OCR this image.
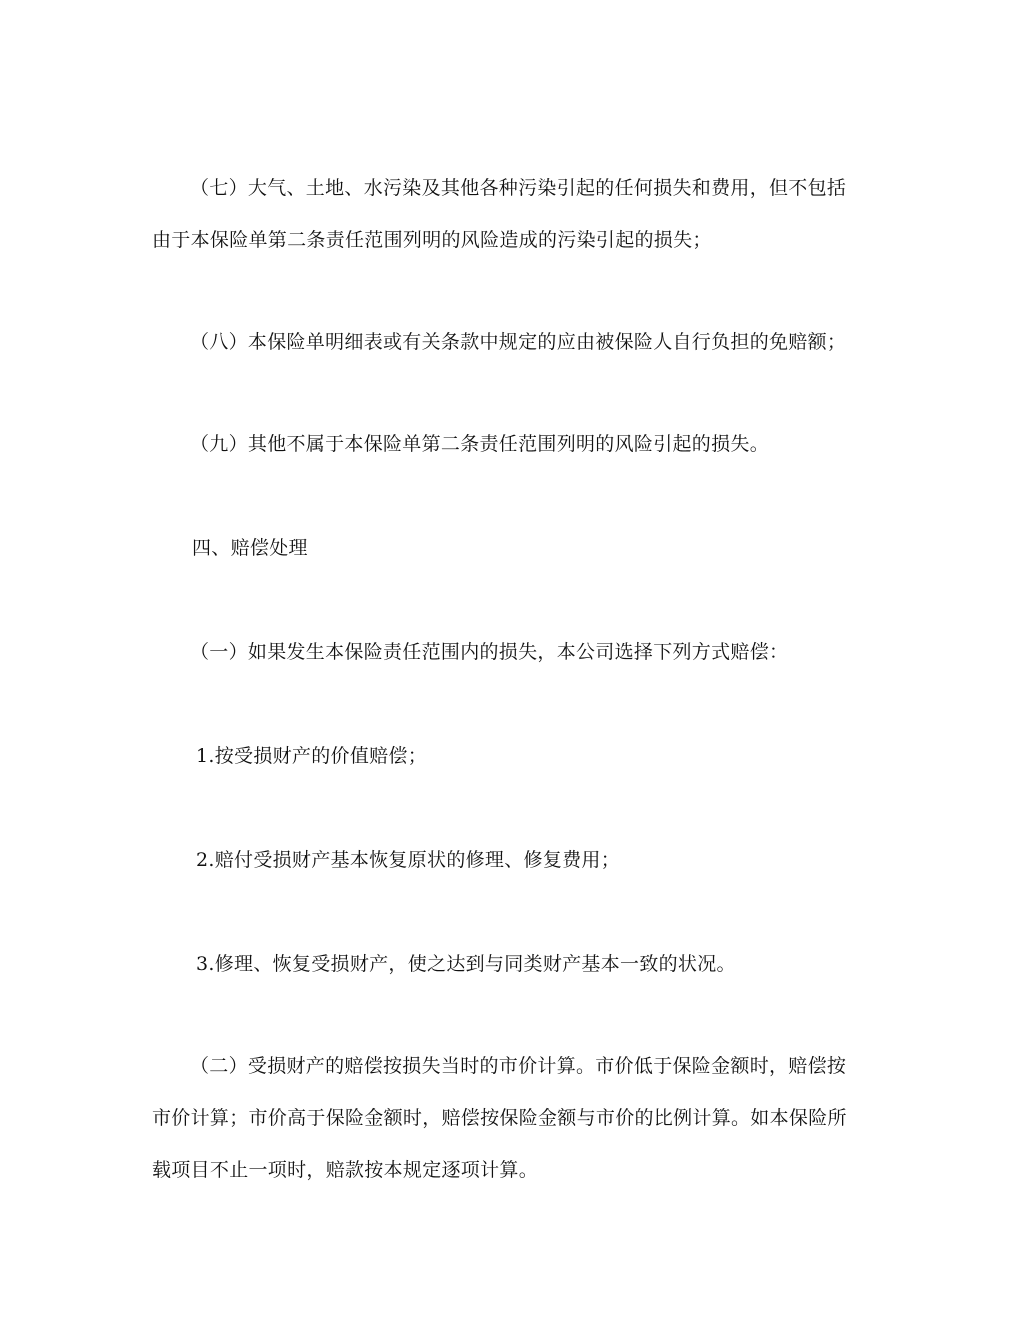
（七）大气、土地、水污染及其他各种污染引起的任何损失和费用，但不包括
由于本保险单第二条责任范围列明的风险造成的污染引起的损失；
（八）本保险单明细表或有关条款中规定的应由被保险人自行负担的免赔额；
（九）其他不属于本保险单第二条责任范围列明的风险引起的损失。
四、赔偿处理
（一）如果发生本保险责任范围内的损失，本公司选择下列方式赔偿：
1.按受损财产的价值赔偿；
2.赔付受损财产基本恢复原状的修理、修复费用；
3.修理、恢复受损财产，使之达到与同类财产基本一致的状况。
（二）受损财产的赔偿按损失当时的市价计算。市价低于保险金额时，赔偿按
市价计算；市价高于保险金额时，赔偿按保险金额与市价的比例计算。如本保险所
载项目不止一项时，赔款按本规定逐项计算。
